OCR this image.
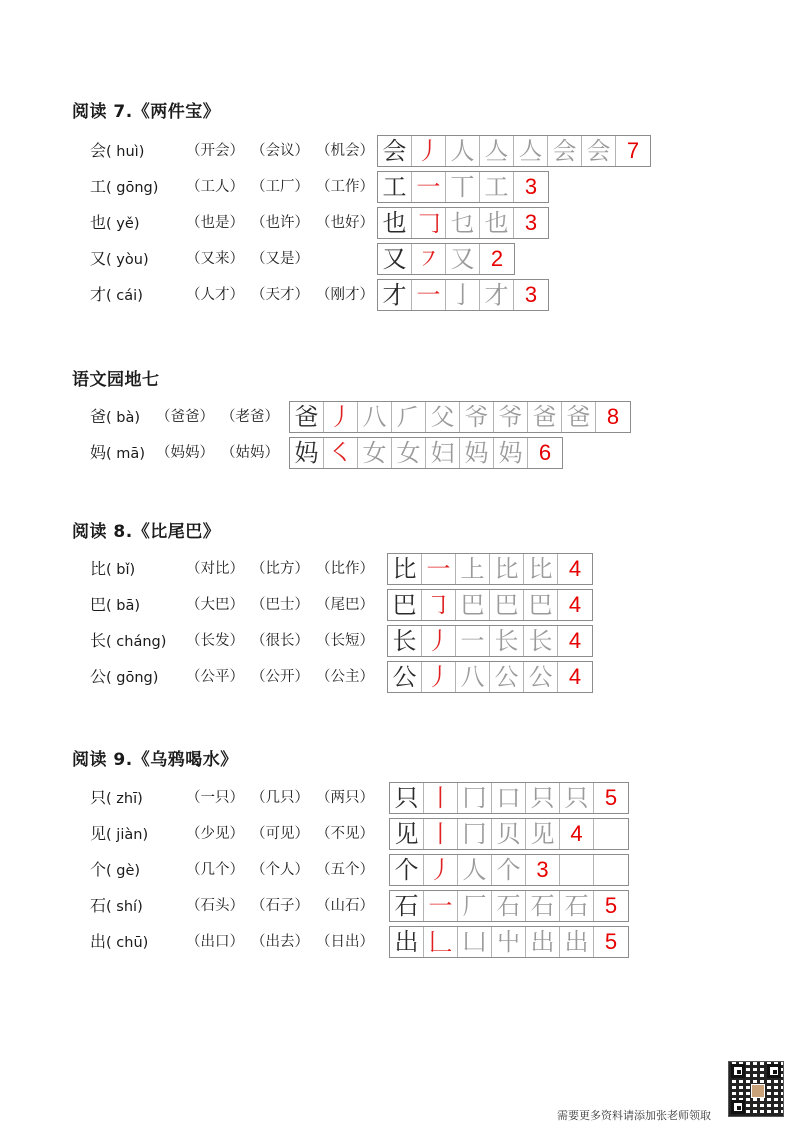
阅读 7.《两件宝》
会( huì)	（开会） （会议） （机会） 会 丿 人 亼 亼 会 会 7
工( gōng) （工人） （工厂） （工作） 工 一 丅 工 3
也( yě)	（也是） （也许） （也好） 也 𠃌 乜 也 3
又( yòu)	（又来） （又是）	又 ㇇ 又 2
才( cái)	（人才） （天才） （刚才） 才 一 亅 才 3
语文园地七
爸( bà) （爸爸） （老爸） 爸 丿 八 ⺁ 父 爷 爷 爸 爸 8
妈( mā) （妈妈） （姑妈） 妈 ㇛ 女 女 妇 妈 妈 6
阅读 8.《比尾巴》
比( bǐ)	（对比） （比方） （比作） 比 一 上 比 比 4
巴( bā)	（大巴） （巴士） （尾巴） 巴 ㇆ 巴 巴 巴 4
长( cháng) （长发） （很长） （长短） 长 丿 一 长 长 4
公( gōng) （公平） （公开） （公主） 公 丿 八 公 公 4
阅读 9.《乌鸦喝水》
只( zhī)	（一只） （几只） （两只） 只 丨 冂 口 只 只 5
见( jiàn)	（少见） （可见） （不见） 见 丨 冂 贝 见 4
个( gè)	（几个） （个人） （五个） 个 丿 人 个 3
石( shí)	（石头） （石子） （山石） 石 一 厂 石 石 石 5
出( chū)	（出口） （出去） （日出） 出 𠃊 凵 屮 出 出 5
需要更多资料请添加张老师领取
